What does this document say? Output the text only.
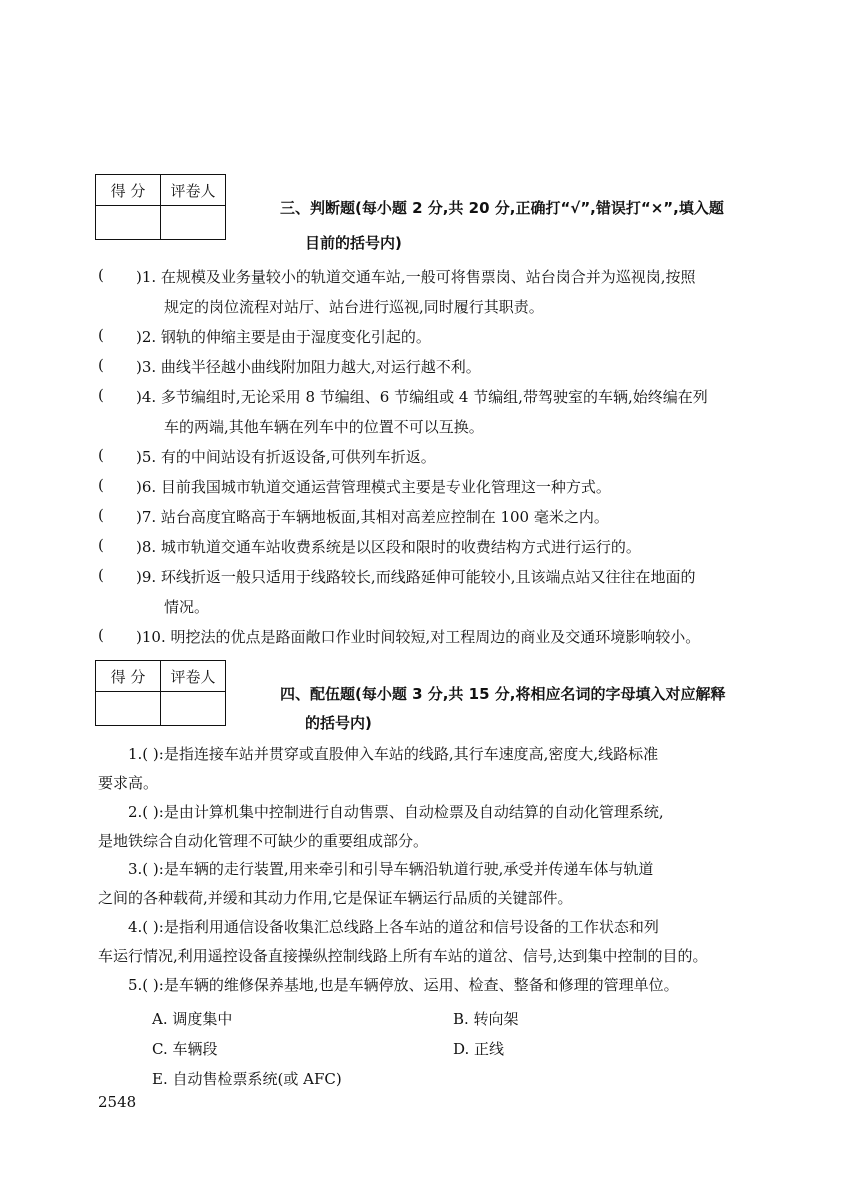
得 分	评卷人

三、判断题(每小题 2 分,共 20 分,正确打“√”,错误打“×”,填入题
目前的括号内)
( )1. 在规模及业务量较小的轨道交通车站,一般可将售票岗、站台岗合并为巡视岗,按照
规定的岗位流程对站厅、站台进行巡视,同时履行其职责。
( )2. 钢轨的伸缩主要是由于湿度变化引起的。
( )3. 曲线半径越小曲线附加阻力越大,对运行越不利。
( )4. 多节编组时,无论采用 8 节编组、6 节编组或 4 节编组,带驾驶室的车辆,始终编在列
车的两端,其他车辆在列车中的位置不可以互换。
( )5. 有的中间站设有折返设备,可供列车折返。
( )6. 目前我国城市轨道交通运营管理模式主要是专业化管理这一种方式。
( )7. 站台高度宜略高于车辆地板面,其相对高差应控制在 100 毫米之内。
( )8. 城市轨道交通车站收费系统是以区段和限时的收费结构方式进行运行的。
( )9. 环线折返一般只适用于线路较长,而线路延伸可能较小,且该端点站又往往在地面的
情况。
( )10. 明挖法的优点是路面敞口作业时间较短,对工程周边的商业及交通环境影响较小。
得 分	评卷人

四、配伍题(每小题 3 分,共 15 分,将相应名词的字母填入对应解释
的括号内)
1.( ):是指连接车站并贯穿或直股伸入车站的线路,其行车速度高,密度大,线路标准
要求高。
2.( ):是由计算机集中控制进行自动售票、自动检票及自动结算的自动化管理系统,
是地铁综合自动化管理不可缺少的重要组成部分。
3.( ):是车辆的走行装置,用来牵引和引导车辆沿轨道行驶,承受并传递车体与轨道
之间的各种载荷,并缓和其动力作用,它是保证车辆运行品质的关键部件。
4.( ):是指利用通信设备收集汇总线路上各车站的道岔和信号设备的工作状态和列
车运行情况,利用遥控设备直接操纵控制线路上所有车站的道岔、信号,达到集中控制的目的。
5.( ):是车辆的维修保养基地,也是车辆停放、运用、检查、整备和修理的管理单位。
A. 调度集中	B. 转向架
C. 车辆段	D. 正线
E. 自动售检票系统(或 AFC)
2548
